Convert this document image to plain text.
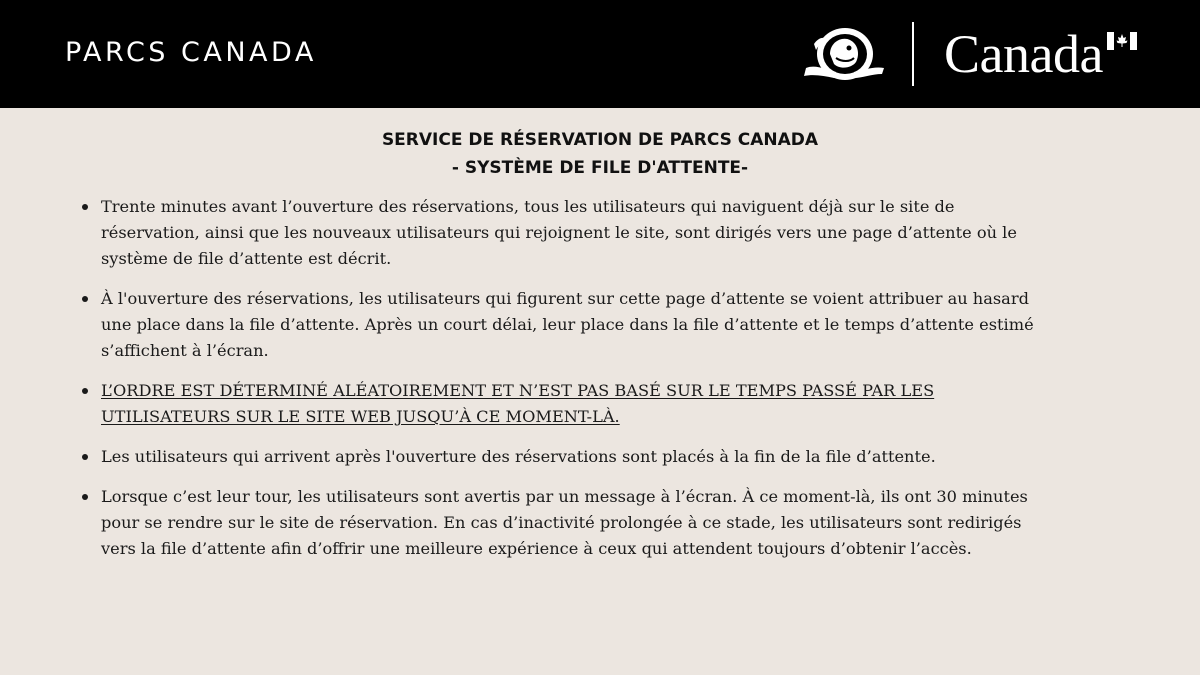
PARCS CANADA	Canada
SERVICE DE RÉSERVATION DE PARCS CANADA
- SYSTÈME DE FILE D'ATTENTE-
Trente minutes avant l’ouverture des réservations, tous les utilisateurs qui naviguent déjà sur le site de réservation, ainsi que les nouveaux utilisateurs qui rejoignent le site, sont dirigés vers une page d’attente où le système de file d’attente est décrit.
À l'ouverture des réservations, les utilisateurs qui figurent sur cette page d’attente se voient attribuer au hasard une place dans la file d’attente. Après un court délai, leur place dans la file d’attente et le temps d’attente estimé s’affichent à l’écran.
L’ORDRE EST DÉTERMINÉ ALÉATOIREMENT ET N’EST PAS BASÉ SUR LE TEMPS PASSÉ PAR LES UTILISATEURS SUR LE SITE WEB JUSQU’À CE MOMENT-LÀ.
Les utilisateurs qui arrivent après l'ouverture des réservations sont placés à la fin de la file d’attente.
Lorsque c’est leur tour, les utilisateurs sont avertis par un message à l’écran. À ce moment-là, ils ont 30 minutes pour se rendre sur le site de réservation. En cas d’inactivité prolongée à ce stade, les utilisateurs sont redirigés vers la file d’attente afin d’offrir une meilleure expérience à ceux qui attendent toujours d’obtenir l’accès.
